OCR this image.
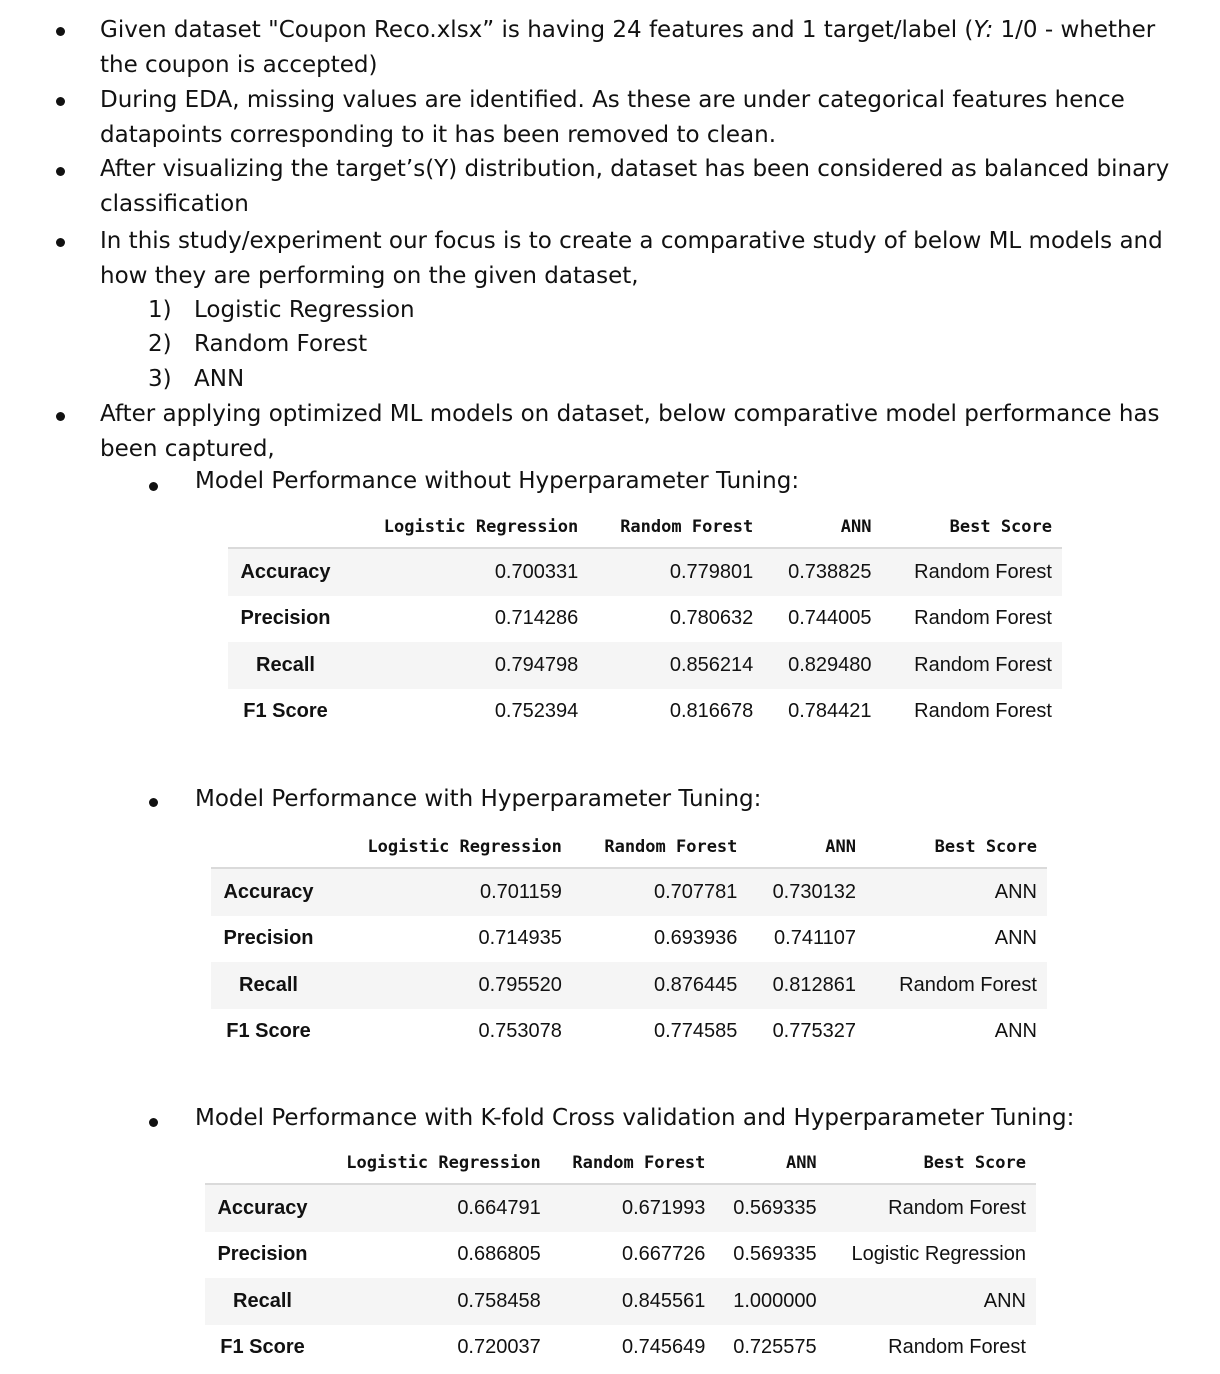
Given dataset "Coupon Reco.xlsx” is having 24 features and 1 target/label (Y: 1/0 - whether
the coupon is accepted)
During EDA, missing values are identified. As these are under categorical features hence
datapoints corresponding to it has been removed to clean.
After visualizing the target’s(Y) distribution, dataset has been considered as balanced binary
classification
In this study/experiment our focus is to create a comparative study of below ML models and
how they are performing on the given dataset,
1) Logistic Regression
2) Random Forest
3) ANN
After applying optimized ML models on dataset, below comparative model performance has
been captured,
Model Performance without Hyperparameter Tuning:
	Logistic Regression	Random Forest	ANN	Best Score
Accuracy	0.700331	0.779801	0.738825	Random Forest
Precision	0.714286	0.780632	0.744005	Random Forest
Recall	0.794798	0.856214	0.829480	Random Forest
F1 Score	0.752394	0.816678	0.784421	Random Forest
Model Performance with Hyperparameter Tuning:
	Logistic Regression	Random Forest	ANN	Best Score
Accuracy	0.701159	0.707781	0.730132	ANN
Precision	0.714935	0.693936	0.741107	ANN
Recall	0.795520	0.876445	0.812861	Random Forest
F1 Score	0.753078	0.774585	0.775327	ANN
Model Performance with K-fold Cross validation and Hyperparameter Tuning:
	Logistic Regression	Random Forest	ANN	Best Score
Accuracy	0.664791	0.671993	0.569335	Random Forest
Precision	0.686805	0.667726	0.569335	Logistic Regression
Recall	0.758458	0.845561	1.000000	ANN
F1 Score	0.720037	0.745649	0.725575	Random Forest
